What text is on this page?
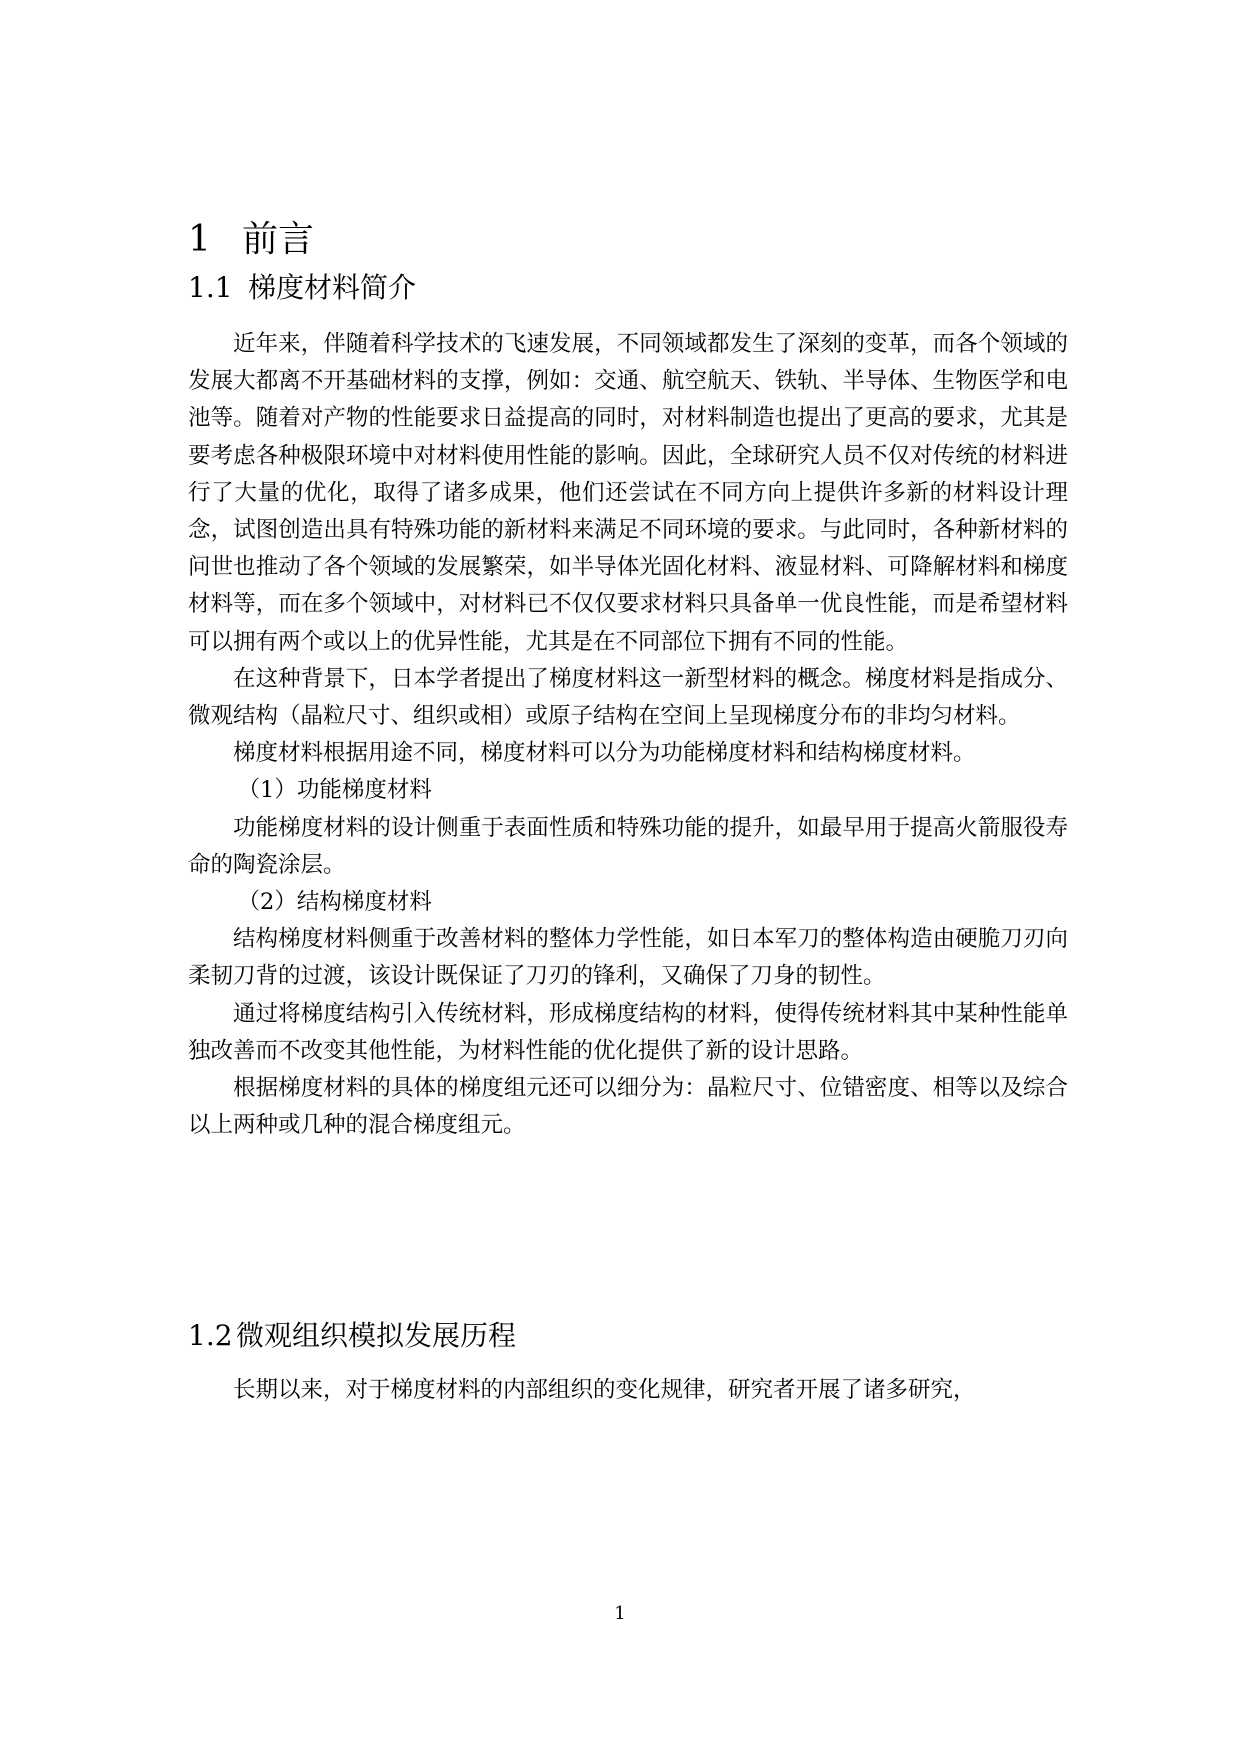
1 前言
1.1 梯度材料简介

近年来，伴随着科学技术的飞速发展，不同领域都发生了深刻的变革，而各个领域的发展大都离不开基础材料的支撑，例如：交通、航空航天、铁轨、半导体、生物医学和电池等。随着对产物的性能要求日益提高的同时，对材料制造也提出了更高的要求，尤其是要考虑各种极限环境中对材料使用性能的影响。因此，全球研究人员不仅对传统的材料进行了大量的优化，取得了诸多成果，他们还尝试在不同方向上提供许多新的材料设计理念，试图创造出具有特殊功能的新材料来满足不同环境的要求。与此同时，各种新材料的问世也推动了各个领域的发展繁荣，如半导体光固化材料、液显材料、可降解材料和梯度材料等，而在多个领域中，对材料已不仅仅要求材料只具备单一优良性能，而是希望材料可以拥有两个或以上的优异性能，尤其是在不同部位下拥有不同的性能。

在这种背景下，日本学者提出了梯度材料这一新型材料的概念。梯度材料是指成分、微观结构（晶粒尺寸、组织或相）或原子结构在空间上呈现梯度分布的非均匀材料。

梯度材料根据用途不同，梯度材料可以分为功能梯度材料和结构梯度材料。

（1）功能梯度材料

功能梯度材料的设计侧重于表面性质和特殊功能的提升，如最早用于提高火箭服役寿命的陶瓷涂层。

（2）结构梯度材料

结构梯度材料侧重于改善材料的整体力学性能，如日本军刀的整体构造由硬脆刀刃向柔韧刀背的过渡，该设计既保证了刀刃的锋利，又确保了刀身的韧性。

通过将梯度结构引入传统材料，形成梯度结构的材料，使得传统材料其中某种性能单独改善而不改变其他性能，为材料性能的优化提供了新的设计思路。

根据梯度材料的具体的梯度组元还可以细分为：晶粒尺寸、位错密度、相等以及综合以上两种或几种的混合梯度组元。

1.2 微观组织模拟发展历程

长期以来，对于梯度材料的内部组织的变化规律，研究者开展了诸多研究，

1
